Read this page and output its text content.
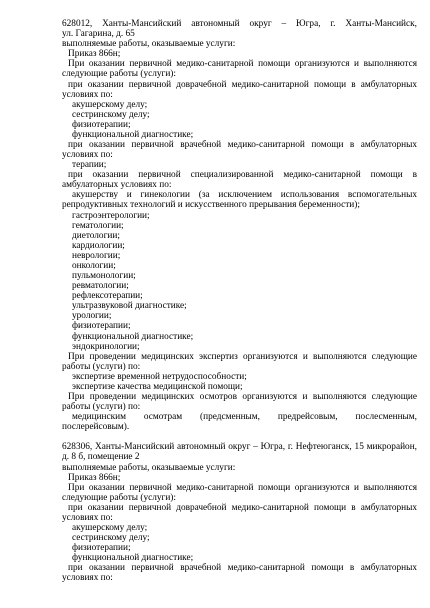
628012, Ханты-Мансийский автономный округ – Югра, г. Ханты-Мансийск,
ул. Гагарина, д. 65
выполняемые работы, оказываемые услуги:
Приказ 866н;
При оказании первичной медико-санитарной помощи организуются и выполняются
следующие работы (услуги):
при оказании первичной доврачебной медико-санитарной помощи в амбулаторных
условиях по:
акушерскому делу;
сестринскому делу;
физиотерапии;
функциональной диагностике;
при оказании первичной врачебной медико-санитарной помощи в амбулаторных
условиях по:
терапии;
при оказании первичной специализированной медико-санитарной помощи в
амбулаторных условиях по:
акушерству и гинекологии (за исключением использования вспомогательных
репродуктивных технологий и искусственного прерывания беременности);
гастроэнтерологии;
гематологии;
диетологии;
кардиологии;
неврологии;
онкологии;
пульмонологии;
ревматологии;
рефлексотерапии;
ультразвуковой диагностике;
урологии;
физиотерапии;
функциональной диагностике;
эндокринологии;
При проведении медицинских экспертиз организуются и выполняются следующие
работы (услуги) по:
экспертизе временной нетрудоспособности;
экспертизе качества медицинской помощи;
При проведении медицинских осмотров организуются и выполняются следующие
работы (услуги) по:
медицинским осмотрам (предсменным, предрейсовым, послесменным,
послерейсовым).
628306, Ханты-Мансийский автономный округ – Югра, г. Нефтеюганск, 15 микрорайон,
д. 8 б, помещение 2
выполняемые работы, оказываемые услуги:
Приказ 866н;
При оказании первичной медико-санитарной помощи организуются и выполняются
следующие работы (услуги):
при оказании первичной доврачебной медико-санитарной помощи в амбулаторных
условиях по:
акушерскому делу;
сестринскому делу;
физиотерапии;
функциональной диагностике;
при оказании первичной врачебной медико-санитарной помощи в амбулаторных
условиях по:
